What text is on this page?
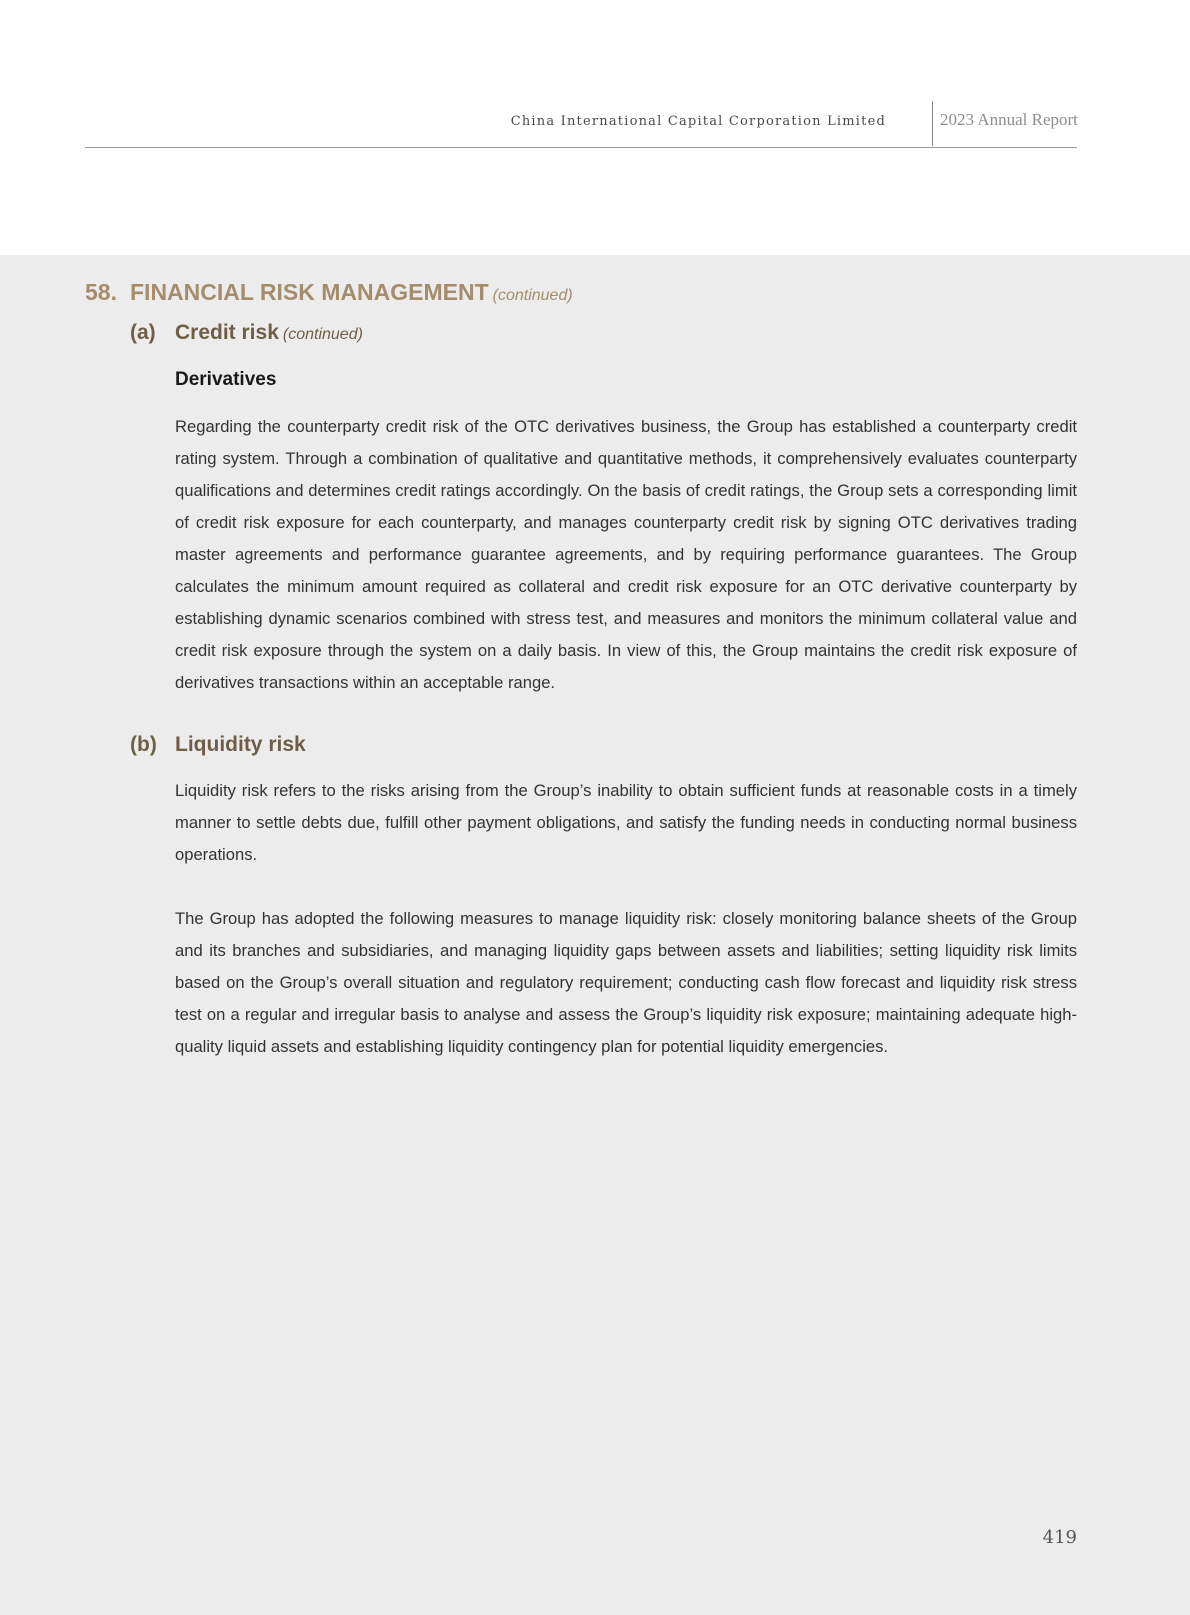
China International Capital Corporation Limited	2023 Annual Report
58. FINANCIAL RISK MANAGEMENT (continued)
(a) Credit risk (continued)
Derivatives

Regarding the counterparty credit risk of the OTC derivatives business, the Group has established a counterparty credit rating system. Through a combination of qualitative and quantitative methods, it comprehensively evaluates counterparty qualifications and determines credit ratings accordingly. On the basis of credit ratings, the Group sets a corresponding limit of credit risk exposure for each counterparty, and manages counterparty credit risk by signing OTC derivatives trading master agreements and performance guarantee agreements, and by requiring performance guarantees. The Group calculates the minimum amount required as collateral and credit risk exposure for an OTC derivative counterparty by establishing dynamic scenarios combined with stress test, and measures and monitors the minimum collateral value and credit risk exposure through the system on a daily basis. In view of this, the Group maintains the credit risk exposure of derivatives transactions within an acceptable range.

(b) Liquidity risk

Liquidity risk refers to the risks arising from the Group’s inability to obtain sufficient funds at reasonable costs in a timely manner to settle debts due, fulfill other payment obligations, and satisfy the funding needs in conducting normal business operations.

The Group has adopted the following measures to manage liquidity risk: closely monitoring balance sheets of the Group and its branches and subsidiaries, and managing liquidity gaps between assets and liabilities; setting liquidity risk limits based on the Group’s overall situation and regulatory requirement; conducting cash flow forecast and liquidity risk stress test on a regular and irregular basis to analyse and assess the Group’s liquidity risk exposure; maintaining adequate high-quality liquid assets and establishing liquidity contingency plan for potential liquidity emergencies.

419
